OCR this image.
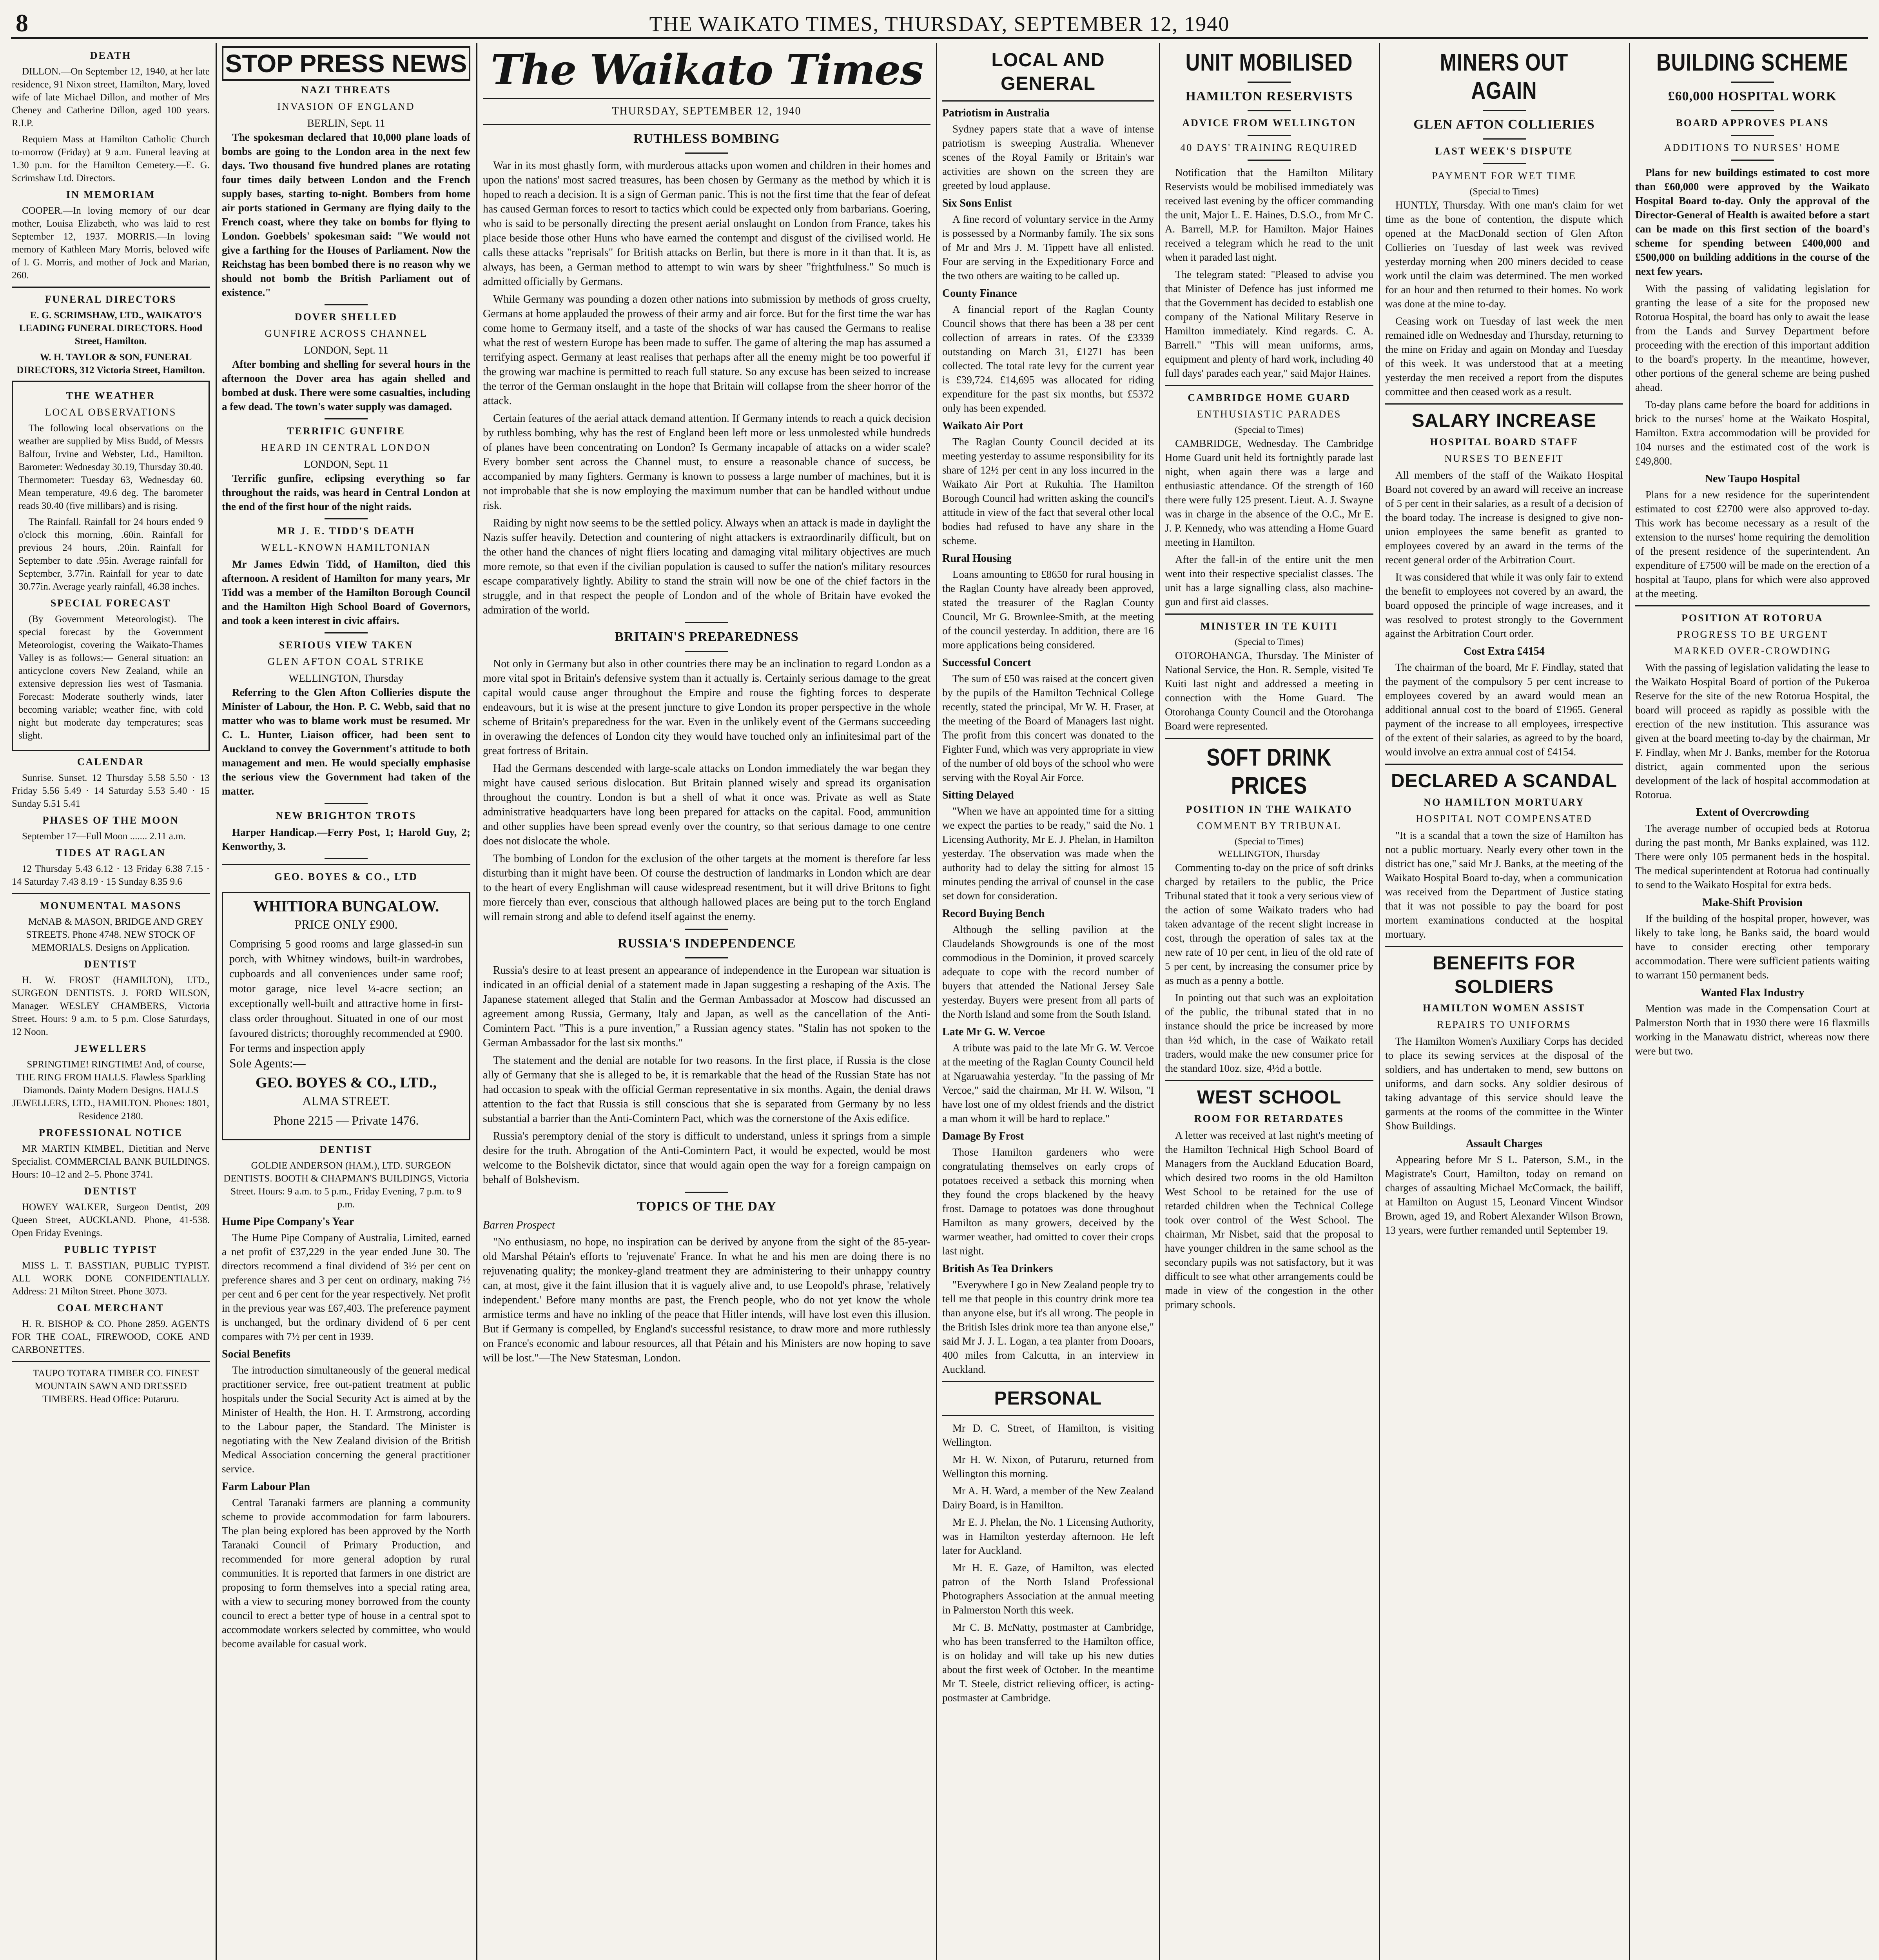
8	THE WAIKATO TIMES, THURSDAY, SEPTEMBER 12, 1940
DEATH

DILLON.—On September 12, 1940, at her late residence, 91 Nixon street, Hamilton, Mary, loved wife of late Michael Dillon, and mother of Mrs Cheney and Catherine Dillon, aged 100 years. R.I.P.

Requiem Mass at Hamilton Catholic Church to-morrow (Friday) at 9 a.m. Funeral leaving at 1.30 p.m. for the Hamilton Cemetery.—E. G. Scrimshaw Ltd. Directors.

IN MEMORIAM

COOPER.—In loving memory of our dear mother, Louisa Elizabeth, who was laid to rest September 12, 1937. MORRIS.—In loving memory of Kathleen Mary Morris, beloved wife of I. G. Morris, and mother of Jock and Marian, 260.

FUNERAL DIRECTORS

E. G. SCRIMSHAW, LTD., WAIKATO'S LEADING FUNERAL DIRECTORS. Hood Street, Hamilton.

W. H. TAYLOR & SON, FUNERAL DIRECTORS, 312 Victoria Street, Hamilton.

THE WEATHER
LOCAL OBSERVATIONS

The following local observations on the weather are supplied by Miss Budd, of Messrs Balfour, Irvine and Webster, Ltd., Hamilton. Barometer: Wednesday 30.19, Thursday 30.40. Thermometer: Tuesday 63, Wednesday 60. Mean temperature, 49.6 deg. The barometer reads 30.40 (five millibars) and is rising.

The Rainfall. Rainfall for 24 hours ended 9 o'clock this morning, .60in. Rainfall for previous 24 hours, .20in. Rainfall for September to date .95in. Average rainfall for September, 3.77in. Rainfall for year to date 30.77in. Average yearly rainfall, 46.38 inches.

SPECIAL FORECAST

(By Government Meteorologist). The special forecast by the Government Meteorologist, covering the Waikato-Thames Valley is as follows:— General situation: an anticyclone covers New Zealand, while an extensive depression lies west of Tasmania. Forecast: Moderate southerly winds, later becoming variable; weather fine, with cold night but moderate day temperatures; seas slight.

CALENDAR

Sunrise. Sunset. 12 Thursday 5.58 5.50 · 13 Friday 5.56 5.49 · 14 Saturday 5.53 5.40 · 15 Sunday 5.51 5.41

PHASES OF THE MOON

September 17—Full Moon ....... 2.11 a.m.

TIDES AT RAGLAN

12 Thursday 5.43 6.12 · 13 Friday 6.38 7.15 · 14 Saturday 7.43 8.19 · 15 Sunday 8.35 9.6

MONUMENTAL MASONS

McNAB & MASON, BRIDGE AND GREY STREETS. Phone 4748. NEW STOCK OF MEMORIALS. Designs on Application.

DENTIST

H. W. FROST (HAMILTON), LTD., SURGEON DENTISTS. J. FORD WILSON, Manager. WESLEY CHAMBERS, Victoria Street. Hours: 9 a.m. to 5 p.m. Close Saturdays, 12 Noon.

JEWELLERS

SPRINGTIME! RINGTIME! And, of course, THE RING FROM HALLS. Flawless Sparkling Diamonds. Dainty Modern Designs. HALLS JEWELLERS, LTD., HAMILTON. Phones: 1801, Residence 2180.

PROFESSIONAL NOTICE

MR MARTIN KIMBEL, Dietitian and Nerve Specialist. COMMERCIAL BANK BUILDINGS. Hours: 10–12 and 2–5. Phone 3741.

DENTIST

HOWEY WALKER, Surgeon Dentist, 209 Queen Street, AUCKLAND. Phone, 41-538. Open Friday Evenings.

PUBLIC TYPIST

MISS L. T. BASSTIAN, PUBLIC TYPIST. ALL WORK DONE CONFIDENTIALLY. Address: 21 Milton Street. Phone 3073.

COAL MERCHANT

H. R. BISHOP & CO. Phone 2859. AGENTS FOR THE COAL, FIREWOOD, COKE AND CARBONETTES.

TAUPO TOTARA TIMBER CO. FINEST MOUNTAIN SAWN AND DRESSED TIMBERS. Head Office: Putaruru.

STOP PRESS NEWS
NAZI THREATS
INVASION OF ENGLAND
BERLIN, Sept. 11

The spokesman declared that 10,000 plane loads of bombs are going to the London area in the next few days. Two thousand five hundred planes are rotating four times daily between London and the French supply bases, starting to-night. Bombers from home air ports stationed in Germany are flying daily to the French coast, where they take on bombs for flying to London. Goebbels' spokesman said: "We would not give a farthing for the Houses of Parliament. Now the Reichstag has been bombed there is no reason why we should not bomb the British Parliament out of existence."

DOVER SHELLED
GUNFIRE ACROSS CHANNEL
LONDON, Sept. 11

After bombing and shelling for several hours in the afternoon the Dover area has again shelled and bombed at dusk. There were some casualties, including a few dead. The town's water supply was damaged.

TERRIFIC GUNFIRE
HEARD IN CENTRAL LONDON
LONDON, Sept. 11

Terrific gunfire, eclipsing everything so far throughout the raids, was heard in Central London at the end of the first hour of the night raids.

MR J. E. TIDD'S DEATH
WELL-KNOWN HAMILTONIAN

Mr James Edwin Tidd, of Hamilton, died this afternoon. A resident of Hamilton for many years, Mr Tidd was a member of the Hamilton Borough Council and the Hamilton High School Board of Governors, and took a keen interest in civic affairs.

SERIOUS VIEW TAKEN
GLEN AFTON COAL STRIKE
WELLINGTON, Thursday

Referring to the Glen Afton Collieries dispute the Minister of Labour, the Hon. P. C. Webb, said that no matter who was to blame work must be resumed. Mr C. L. Hunter, Liaison officer, had been sent to Auckland to convey the Government's attitude to both management and men. He would specially emphasise the serious view the Government had taken of the matter.

NEW BRIGHTON TROTS

Harper Handicap.—Ferry Post, 1; Harold Guy, 2; Kenworthy, 3.

GEO. BOYES & CO., LTD
WHITIORA BUNGALOW.
PRICE ONLY £900.
Comprising 5 good rooms and large glassed-in sun porch, with Whitney windows, built-in wardrobes, cupboards and all conveniences under same roof; motor garage, nice level ¼-acre section; an exceptionally well-built and attractive home in first-class order throughout. Situated in one of our most favoured districts; thoroughly recommended at £900. For terms and inspection apply
Sole Agents:—
GEO. BOYES & CO., LTD.,
ALMA STREET.
Phone 2215 — Private 1476.
DENTIST

GOLDIE ANDERSON (HAM.), LTD. SURGEON DENTISTS. BOOTH & CHAPMAN'S BUILDINGS, Victoria Street. Hours: 9 a.m. to 5 p.m., Friday Evening, 7 p.m. to 9 p.m.

Hume Pipe Company's Year

The Hume Pipe Company of Australia, Limited, earned a net profit of £37,229 in the year ended June 30. The directors recommend a final dividend of 3½ per cent on preference shares and 3 per cent on ordinary, making 7½ per cent and 6 per cent for the year respectively. Net profit in the previous year was £67,403. The preference payment is unchanged, but the ordinary dividend of 6 per cent compares with 7½ per cent in 1939.

Social Benefits

The introduction simultaneously of the general medical practitioner service, free out-patient treatment at public hospitals under the Social Security Act is aimed at by the Minister of Health, the Hon. H. T. Armstrong, according to the Labour paper, the Standard. The Minister is negotiating with the New Zealand division of the British Medical Association concerning the general practitioner service.

Farm Labour Plan

Central Taranaki farmers are planning a community scheme to provide accommodation for farm labourers. The plan being explored has been approved by the North Taranaki Council of Primary Production, and recommended for more general adoption by rural communities. It is reported that farmers in one district are proposing to form themselves into a special rating area, with a view to securing money borrowed from the county council to erect a better type of house in a central spot to accommodate workers selected by committee, who would become available for casual work.

The Waikato Times
THURSDAY, SEPTEMBER 12, 1940
RUTHLESS BOMBING

War in its most ghastly form, with murderous attacks upon women and children in their homes and upon the nations' most sacred treasures, has been chosen by Germany as the method by which it is hoped to reach a decision. It is a sign of German panic. This is not the first time that the fear of defeat has caused German forces to resort to tactics which could be expected only from barbarians. Goering, who is said to be personally directing the present aerial onslaught on London from France, takes his place beside those other Huns who have earned the contempt and disgust of the civilised world. He calls these attacks "reprisals" for British attacks on Berlin, but there is more in it than that. It is, as always, has been, a German method to attempt to win wars by sheer "frightfulness." So much is admitted officially by Germans.

While Germany was pounding a dozen other nations into submission by methods of gross cruelty, Germans at home applauded the prowess of their army and air force. But for the first time the war has come home to Germany itself, and a taste of the shocks of war has caused the Germans to realise what the rest of western Europe has been made to suffer. The game of altering the map has assumed a terrifying aspect. Germany at least realises that perhaps after all the enemy might be too powerful if the growing war machine is permitted to reach full stature. So any excuse has been seized to increase the terror of the German onslaught in the hope that Britain will collapse from the sheer horror of the attack.

Certain features of the aerial attack demand attention. If Germany intends to reach a quick decision by ruthless bombing, why has the rest of England been left more or less unmolested while hundreds of planes have been concentrating on London? Is Germany incapable of attacks on a wider scale? Every bomber sent across the Channel must, to ensure a reasonable chance of success, be accompanied by many fighters. Germany is known to possess a large number of machines, but it is not improbable that she is now employing the maximum number that can be handled without undue risk.

Raiding by night now seems to be the settled policy. Always when an attack is made in daylight the Nazis suffer heavily. Detection and countering of night attackers is extraordinarily difficult, but on the other hand the chances of night fliers locating and damaging vital military objectives are much more remote, so that even if the civilian population is caused to suffer the nation's military resources escape comparatively lightly. Ability to stand the strain will now be one of the chief factors in the struggle, and in that respect the people of London and of the whole of Britain have evoked the admiration of the world.

BRITAIN'S PREPAREDNESS

Not only in Germany but also in other countries there may be an inclination to regard London as a more vital spot in Britain's defensive system than it actually is. Certainly serious damage to the great capital would cause anger throughout the Empire and rouse the fighting forces to desperate endeavours, but it is wise at the present juncture to give London its proper perspective in the whole scheme of Britain's preparedness for the war. Even in the unlikely event of the Germans succeeding in overawing the defences of London city they would have touched only an infinitesimal part of the great fortress of Britain.

Had the Germans descended with large-scale attacks on London immediately the war began they might have caused serious dislocation. But Britain planned wisely and spread its organisation throughout the country. London is but a shell of what it once was. Private as well as State administrative headquarters have long been prepared for attacks on the capital. Food, ammunition and other supplies have been spread evenly over the country, so that serious damage to one centre does not dislocate the whole.

The bombing of London for the exclusion of the other targets at the moment is therefore far less disturbing than it might have been. Of course the destruction of landmarks in London which are dear to the heart of every Englishman will cause widespread resentment, but it will drive Britons to fight more fiercely than ever, conscious that although hallowed places are being put to the torch England will remain strong and able to defend itself against the enemy.

RUSSIA'S INDEPENDENCE

Russia's desire to at least present an appearance of independence in the European war situation is indicated in an official denial of a statement made in Japan suggesting a reshaping of the Axis. The Japanese statement alleged that Stalin and the German Ambassador at Moscow had discussed an agreement among Russia, Germany, Italy and Japan, as well as the cancellation of the Anti-Comintern Pact. "This is a pure invention," a Russian agency states. "Stalin has not spoken to the German Ambassador for the last six months."

The statement and the denial are notable for two reasons. In the first place, if Russia is the close ally of Germany that she is alleged to be, it is remarkable that the head of the Russian State has not had occasion to speak with the official German representative in six months. Again, the denial draws attention to the fact that Russia is still conscious that she is separated from Germany by no less substantial a barrier than the Anti-Comintern Pact, which was the cornerstone of the Axis edifice.

Russia's peremptory denial of the story is difficult to understand, unless it springs from a simple desire for the truth. Abrogation of the Anti-Comintern Pact, it would be expected, would be most welcome to the Bolshevik dictator, since that would again open the way for a foreign campaign on behalf of Bolshevism.

TOPICS OF THE DAY
Barren Prospect

"No enthusiasm, no hope, no inspiration can be derived by anyone from the sight of the 85-year-old Marshal Pétain's efforts to 'rejuvenate' France. In what he and his men are doing there is no rejuvenating quality; the monkey-gland treatment they are administering to their unhappy country can, at most, give it the faint illusion that it is vaguely alive and, to use Leopold's phrase, 'relatively independent.' Before many months are past, the French people, who do not yet know the whole armistice terms and have no inkling of the peace that Hitler intends, will have lost even this illusion. But if Germany is compelled, by England's successful resistance, to draw more and more ruthlessly on France's economic and labour resources, all that Pétain and his Ministers are now hoping to save will be lost."—The New Statesman, London.

LOCAL AND GENERAL
Patriotism in Australia

Sydney papers state that a wave of intense patriotism is sweeping Australia. Whenever scenes of the Royal Family or Britain's war activities are shown on the screen they are greeted by loud applause.

Six Sons Enlist

A fine record of voluntary service in the Army is possessed by a Normanby family. The six sons of Mr and Mrs J. M. Tippett have all enlisted. Four are serving in the Expeditionary Force and the two others are waiting to be called up.

County Finance

A financial report of the Raglan County Council shows that there has been a 38 per cent collection of arrears in rates. Of the £3339 outstanding on March 31, £1271 has been collected. The total rate levy for the current year is £39,724. £14,695 was allocated for riding expenditure for the past six months, but £5372 only has been expended.

Waikato Air Port

The Raglan County Council decided at its meeting yesterday to assume responsibility for its share of 12½ per cent in any loss incurred in the Waikato Air Port at Rukuhia. The Hamilton Borough Council had written asking the council's attitude in view of the fact that several other local bodies had refused to have any share in the scheme.

Rural Housing

Loans amounting to £8650 for rural housing in the Raglan County have already been approved, stated the treasurer of the Raglan County Council, Mr G. Brownlee-Smith, at the meeting of the council yesterday. In addition, there are 16 more applications being considered.

Successful Concert

The sum of £50 was raised at the concert given by the pupils of the Hamilton Technical College recently, stated the principal, Mr W. H. Fraser, at the meeting of the Board of Managers last night. The profit from this concert was donated to the Fighter Fund, which was very appropriate in view of the number of old boys of the school who were serving with the Royal Air Force.

Sitting Delayed

"When we have an appointed time for a sitting we expect the parties to be ready," said the No. 1 Licensing Authority, Mr E. J. Phelan, in Hamilton yesterday. The observation was made when the authority had to delay the sitting for almost 15 minutes pending the arrival of counsel in the case set down for consideration.

Record Buying Bench

Although the selling pavilion at the Claudelands Showgrounds is one of the most commodious in the Dominion, it proved scarcely adequate to cope with the record number of buyers that attended the National Jersey Sale yesterday. Buyers were present from all parts of the North Island and some from the South Island.

Late Mr G. W. Vercoe

A tribute was paid to the late Mr G. W. Vercoe at the meeting of the Raglan County Council held at Ngaruawahia yesterday. "In the passing of Mr Vercoe," said the chairman, Mr H. W. Wilson, "I have lost one of my oldest friends and the district a man whom it will be hard to replace."

Damage By Frost

Those Hamilton gardeners who were congratulating themselves on early crops of potatoes received a setback this morning when they found the crops blackened by the heavy frost. Damage to potatoes was done throughout Hamilton as many growers, deceived by the warmer weather, had omitted to cover their crops last night.

British As Tea Drinkers

"Everywhere I go in New Zealand people try to tell me that people in this country drink more tea than anyone else, but it's all wrong. The people in the British Isles drink more tea than anyone else," said Mr J. J. L. Logan, a tea planter from Dooars, 400 miles from Calcutta, in an interview in Auckland.

PERSONAL

Mr D. C. Street, of Hamilton, is visiting Wellington.

Mr H. W. Nixon, of Putaruru, returned from Wellington this morning.

Mr A. H. Ward, a member of the New Zealand Dairy Board, is in Hamilton.

Mr E. J. Phelan, the No. 1 Licensing Authority, was in Hamilton yesterday afternoon. He left later for Auckland.

Mr H. E. Gaze, of Hamilton, was elected patron of the North Island Professional Photographers Association at the annual meeting in Palmerston North this week.

Mr C. B. McNatty, postmaster at Cambridge, who has been transferred to the Hamilton office, is on holiday and will take up his new duties about the first week of October. In the meantime Mr T. Steele, district relieving officer, is acting-postmaster at Cambridge.

UNIT MOBILISED
HAMILTON RESERVISTS
ADVICE FROM WELLINGTON
40 DAYS' TRAINING REQUIRED

Notification that the Hamilton Military Reservists would be mobilised immediately was received last evening by the officer commanding the unit, Major L. E. Haines, D.S.O., from Mr C. A. Barrell, M.P. for Hamilton. Major Haines received a telegram which he read to the unit when it paraded last night.

The telegram stated: "Pleased to advise you that Minister of Defence has just informed me that the Government has decided to establish one company of the National Military Reserve in Hamilton immediately. Kind regards. C. A. Barrell." "This will mean uniforms, arms, equipment and plenty of hard work, including 40 full days' parades each year," said Major Haines.

CAMBRIDGE HOME GUARD
ENTHUSIASTIC PARADES
(Special to Times)

CAMBRIDGE, Wednesday. The Cambridge Home Guard unit held its fortnightly parade last night, when again there was a large and enthusiastic attendance. Of the strength of 160 there were fully 125 present. Lieut. A. J. Swayne was in charge in the absence of the O.C., Mr E. J. P. Kennedy, who was attending a Home Guard meeting in Hamilton.

After the fall-in of the entire unit the men went into their respective specialist classes. The unit has a large signalling class, also machine-gun and first aid classes.

MINISTER IN TE KUITI
(Special to Times)

OTOROHANGA, Thursday. The Minister of National Service, the Hon. R. Semple, visited Te Kuiti last night and addressed a meeting in connection with the Home Guard. The Otorohanga County Council and the Otorohanga Board were represented.

SOFT DRINK PRICES
POSITION IN THE WAIKATO
COMMENT BY TRIBUNAL
(Special to Times)
WELLINGTON, Thursday

Commenting to-day on the price of soft drinks charged by retailers to the public, the Price Tribunal stated that it took a very serious view of the action of some Waikato traders who had taken advantage of the recent slight increase in cost, through the operation of sales tax at the new rate of 10 per cent, in lieu of the old rate of 5 per cent, by increasing the consumer price by as much as a penny a bottle.

In pointing out that such was an exploitation of the public, the tribunal stated that in no instance should the price be increased by more than ½d which, in the case of Waikato retail traders, would make the new consumer price for the standard 10oz. size, 4½d a bottle.

WEST SCHOOL
ROOM FOR RETARDATES

A letter was received at last night's meeting of the Hamilton Technical High School Board of Managers from the Auckland Education Board, which desired two rooms in the old Hamilton West School to be retained for the use of retarded children when the Technical College took over control of the West School. The chairman, Mr Nisbet, said that the proposal to have younger children in the same school as the secondary pupils was not satisfactory, but it was difficult to see what other arrangements could be made in view of the congestion in the other primary schools.

MINERS OUT AGAIN
GLEN AFTON COLLIERIES
LAST WEEK'S DISPUTE
PAYMENT FOR WET TIME
(Special to Times)

HUNTLY, Thursday. With one man's claim for wet time as the bone of contention, the dispute which opened at the MacDonald section of Glen Afton Collieries on Tuesday of last week was revived yesterday morning when 200 miners decided to cease work until the claim was determined. The men worked for an hour and then returned to their homes. No work was done at the mine to-day.

Ceasing work on Tuesday of last week the men remained idle on Wednesday and Thursday, returning to the mine on Friday and again on Monday and Tuesday of this week. It was understood that at a meeting yesterday the men received a report from the disputes committee and then ceased work as a result.

SALARY INCREASE
HOSPITAL BOARD STAFF
NURSES TO BENEFIT

All members of the staff of the Waikato Hospital Board not covered by an award will receive an increase of 5 per cent in their salaries, as a result of a decision of the board today. The increase is designed to give non-union employees the same benefit as granted to employees covered by an award in the terms of the recent general order of the Arbitration Court.

It was considered that while it was only fair to extend the benefit to employees not covered by an award, the board opposed the principle of wage increases, and it was resolved to protest strongly to the Government against the Arbitration Court order.

Cost Extra £4154

The chairman of the board, Mr F. Findlay, stated that the payment of the compulsory 5 per cent increase to employees covered by an award would mean an additional annual cost to the board of £1965. General payment of the increase to all employees, irrespective of the extent of their salaries, as agreed to by the board, would involve an extra annual cost of £4154.

DECLARED A SCANDAL
NO HAMILTON MORTUARY
HOSPITAL NOT COMPENSATED

"It is a scandal that a town the size of Hamilton has not a public mortuary. Nearly every other town in the district has one," said Mr J. Banks, at the meeting of the Waikato Hospital Board to-day, when a communication was received from the Department of Justice stating that it was not possible to pay the board for post mortem examinations conducted at the hospital mortuary.

BENEFITS FOR SOLDIERS
HAMILTON WOMEN ASSIST
REPAIRS TO UNIFORMS

The Hamilton Women's Auxiliary Corps has decided to place its sewing services at the disposal of the soldiers, and has undertaken to mend, sew buttons on uniforms, and darn socks. Any soldier desirous of taking advantage of this service should leave the garments at the rooms of the committee in the Winter Show Buildings.

Assault Charges

Appearing before Mr S L. Paterson, S.M., in the Magistrate's Court, Hamilton, today on remand on charges of assaulting Michael McCormack, the bailiff, at Hamilton on August 15, Leonard Vincent Windsor Brown, aged 19, and Robert Alexander Wilson Brown, 13 years, were further remanded until September 19.

BUILDING SCHEME
£60,000 HOSPITAL WORK
BOARD APPROVES PLANS
ADDITIONS TO NURSES' HOME

Plans for new buildings estimated to cost more than £60,000 were approved by the Waikato Hospital Board to-day. Only the approval of the Director-General of Health is awaited before a start can be made on this first section of the board's scheme for spending between £400,000 and £500,000 on building additions in the course of the next few years.

With the passing of validating legislation for granting the lease of a site for the proposed new Rotorua Hospital, the board has only to await the lease from the Lands and Survey Department before proceeding with the erection of this important addition to the board's property. In the meantime, however, other portions of the general scheme are being pushed ahead.

To-day plans came before the board for additions in brick to the nurses' home at the Waikato Hospital, Hamilton. Extra accommodation will be provided for 104 nurses and the estimated cost of the work is £49,800.

New Taupo Hospital

Plans for a new residence for the superintendent estimated to cost £2700 were also approved to-day. This work has become necessary as a result of the extension to the nurses' home requiring the demolition of the present residence of the superintendent. An expenditure of £7500 will be made on the erection of a hospital at Taupo, plans for which were also approved at the meeting.

POSITION AT ROTORUA
PROGRESS TO BE URGENT
MARKED OVER-CROWDING

With the passing of legislation validating the lease to the Waikato Hospital Board of portion of the Pukeroa Reserve for the site of the new Rotorua Hospital, the board will proceed as rapidly as possible with the erection of the new institution. This assurance was given at the board meeting to-day by the chairman, Mr F. Findlay, when Mr J. Banks, member for the Rotorua district, again commented upon the serious development of the lack of hospital accommodation at Rotorua.

Extent of Overcrowding

The average number of occupied beds at Rotorua during the past month, Mr Banks explained, was 112. There were only 105 permanent beds in the hospital. The medical superintendent at Rotorua had continually to send to the Waikato Hospital for extra beds.

Make-Shift Provision

If the building of the hospital proper, however, was likely to take long, he Banks said, the board would have to consider erecting other temporary accommodation. There were sufficient patients waiting to warrant 150 permanent beds.

Wanted Flax Industry

Mention was made in the Compensation Court at Palmerston North that in 1930 there were 16 flaxmills working in the Manawatu district, whereas now there were but two.
